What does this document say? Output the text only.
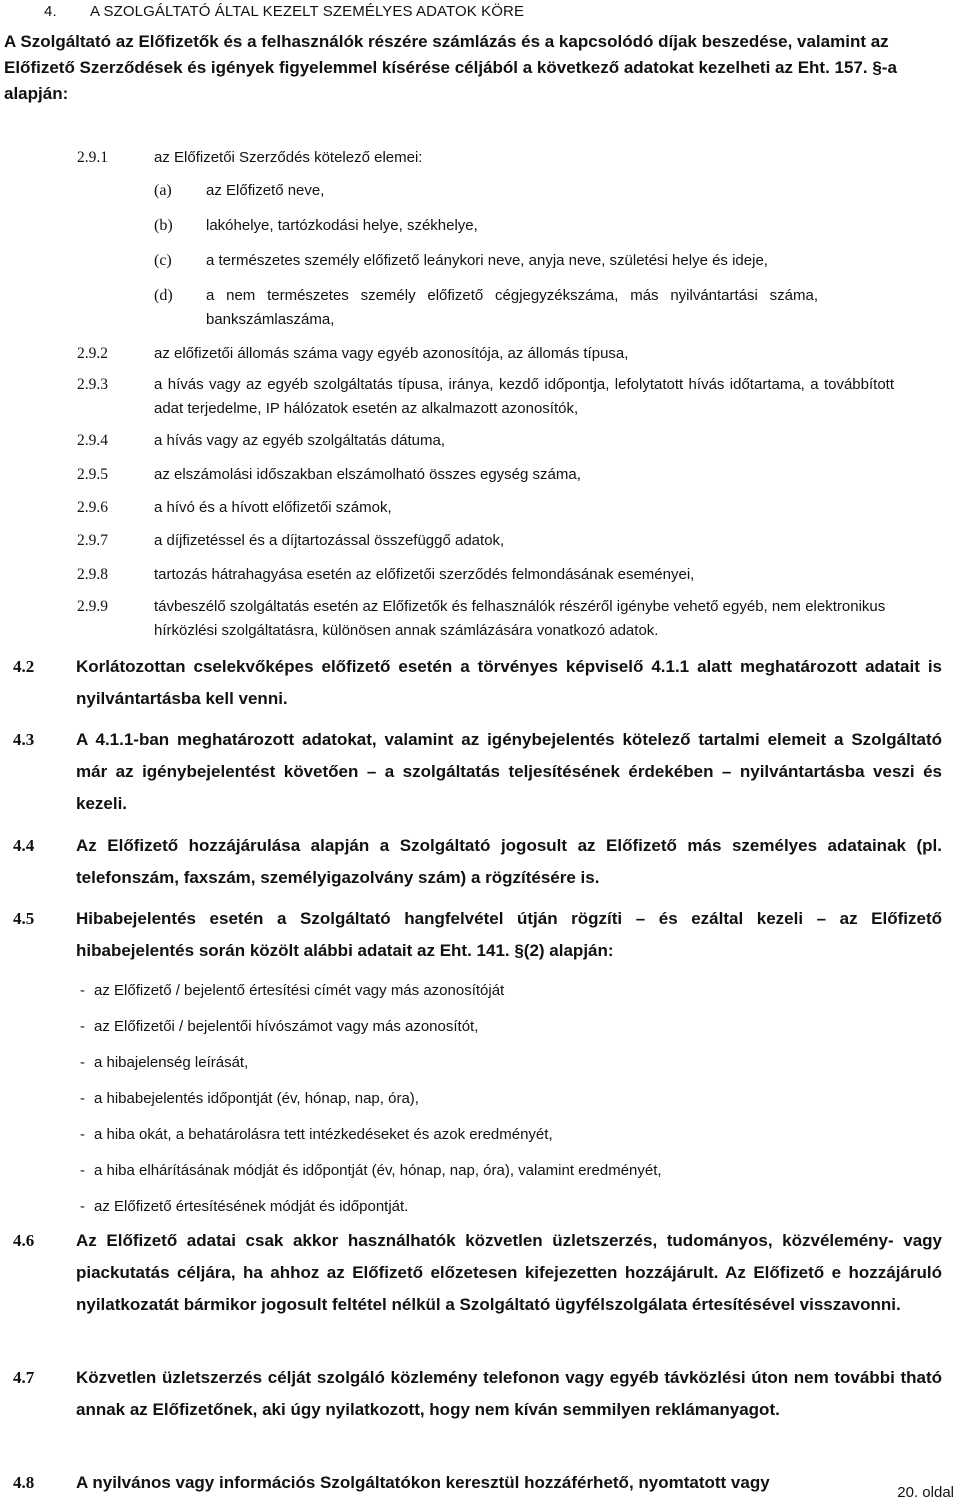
4. A SZOLGÁLTATÓ ÁLTAL KEZELT SZEMÉLYES ADATOK KÖRE
A Szolgáltató az Előfizetők és a felhasználók részére számlázás és a kapcsolódó díjak beszedése, valamint az Előfizető Szerződések és igények figyelemmel kísérése céljából a következő adatokat kezelheti az Eht. 157. §-a alapján:
2.9.1	az Előfizetői Szerződés kötelező elemei:
(a) az Előfizető neve,
(b) lakóhelye, tartózkodási helye, székhelye,
(c) a természetes személy előfizető leánykori neve, anyja neve, születési helye és ideje,
(d) a nem természetes személy előfizető cégjegyzékszáma, más nyilvántartási száma, bankszámlaszáma,
2.9.2	az előfizetői állomás száma vagy egyéb azonosítója, az állomás típusa,
2.9.3	a hívás vagy az egyéb szolgáltatás típusa, iránya, kezdő időpontja, lefolytatott hívás időtartama, a továbbított adat terjedelme, IP hálózatok esetén az alkalmazott azonosítók,
2.9.4	a hívás vagy az egyéb szolgáltatás dátuma,
2.9.5	az elszámolási időszakban elszámolható összes egység száma,
2.9.6	a hívó és a hívott előfizetői számok,
2.9.7	a díjfizetéssel és a díjtartozással összefüggő adatok,
2.9.8	tartozás hátrahagyása esetén az előfizetői szerződés felmondásának eseményei,
2.9.9	távbeszélő szolgáltatás esetén az Előfizetők és felhasználók részéről igénybe vehető egyéb, nem elektronikus hírközlési szolgáltatásra, különösen annak számlázására vonatkozó adatok.
4.2 Korlátozottan cselekvőképes előfizető esetén a törvényes képviselő 4.1.1 alatt meghatározott adatait is nyilvántartásba kell venni.
4.3 A 4.1.1-ban meghatározott adatokat, valamint az igénybejelentés kötelező tartalmi elemeit a Szolgáltató már az igénybejelentést követően – a szolgáltatás teljesítésének érdekében – nyilvántartásba veszi és kezeli.
4.4 Az Előfizető hozzájárulása alapján a Szolgáltató jogosult az Előfizető más személyes adatainak (pl. telefonszám, faxszám, személyigazolvány szám) a rögzítésére is.
4.5 Hibabejelentés esetén a Szolgáltató hangfelvétel útján rögzíti – és ezáltal kezeli – az Előfizető hibabejelentés során közölt alábbi adatait az Eht. 141. §(2) alapján:
- az Előfizető / bejelentő értesítési címét vagy más azonosítóját
- az Előfizetői / bejelentői hívószámot vagy más azonosítót,
- a hibajelenség leírását,
- a hibabejelentés időpontját (év, hónap, nap, óra),
- a hiba okát, a behatárolásra tett intézkedéseket és azok eredményét,
- a hiba elhárításának módját és időpontját (év, hónap, nap, óra), valamint eredményét,
- az Előfizető értesítésének módját és időpontját.
4.6 Az Előfizető adatai csak akkor használhatók közvetlen üzletszerzés, tudományos, közvélemény- vagy piackutatás céljára, ha ahhoz az Előfizető előzetesen kifejezetten hozzájárult. Az Előfizető e hozzájáruló nyilatkozatát bármikor jogosult feltétel nélkül a Szolgáltató ügyfélszolgálata értesítésével visszavonni.
4.7 Közvetlen üzletszerzés célját szolgáló közlemény telefonon vagy egyéb távközlési úton nem további tható annak az Előfizetőnek, aki úgy nyilatkozott, hogy nem kíván semmilyen reklámanyagot.
4.8 A nyilvános vagy információs Szolgáltatókon keresztül hozzáférhető, nyomtatott vagy
20. oldal
